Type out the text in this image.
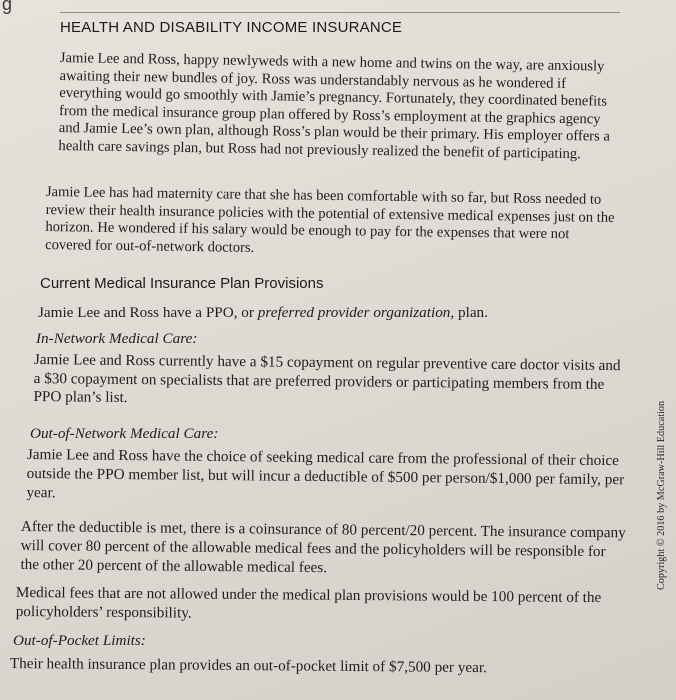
g
HEALTH AND DISABILITY INCOME INSURANCE

Jamie Lee and Ross, happy newlyweds with a new home and twins on the way, are anxiously awaiting their new bundles of joy. Ross was understandably nervous as he wondered if everything would go smoothly with Jamie’s pregnancy. Fortunately, they coordinated benefits from the medical insurance group plan offered by Ross’s employment at the graphics agency and Jamie Lee’s own plan, although Ross’s plan would be their primary. His employer offers a health care savings plan, but Ross had not previously realized the benefit of participating.

Jamie Lee has had maternity care that she has been comfortable with so far, but Ross needed to review their health insurance policies with the potential of extensive medical expenses just on the horizon. He wondered if his salary would be enough to pay for the expenses that were not covered for out-of-network doctors.

Current Medical Insurance Plan Provisions

Jamie Lee and Ross have a PPO, or preferred provider organization, plan.

In-Network Medical Care:

Jamie Lee and Ross currently have a $15 copayment on regular preventive care doctor visits and a $30 copayment on specialists that are preferred providers or participating members from the PPO plan’s list.

Out-of-Network Medical Care:

Jamie Lee and Ross have the choice of seeking medical care from the professional of their choice outside the PPO member list, but will incur a deductible of $500 per person/$1,000 per family, per year.

After the deductible is met, there is a coinsurance of 80 percent/20 percent. The insurance company will cover 80 percent of the allowable medical fees and the policyholders will be responsible for the other 20 percent of the allowable medical fees.

Medical fees that are not allowed under the medical plan provisions would be 100 percent of the policyholders’ responsibility.

Out-of-Pocket Limits:

Their health insurance plan provides an out-of-pocket limit of $7,500 per year.

Copyright © 2016 by McGraw-Hill Education
